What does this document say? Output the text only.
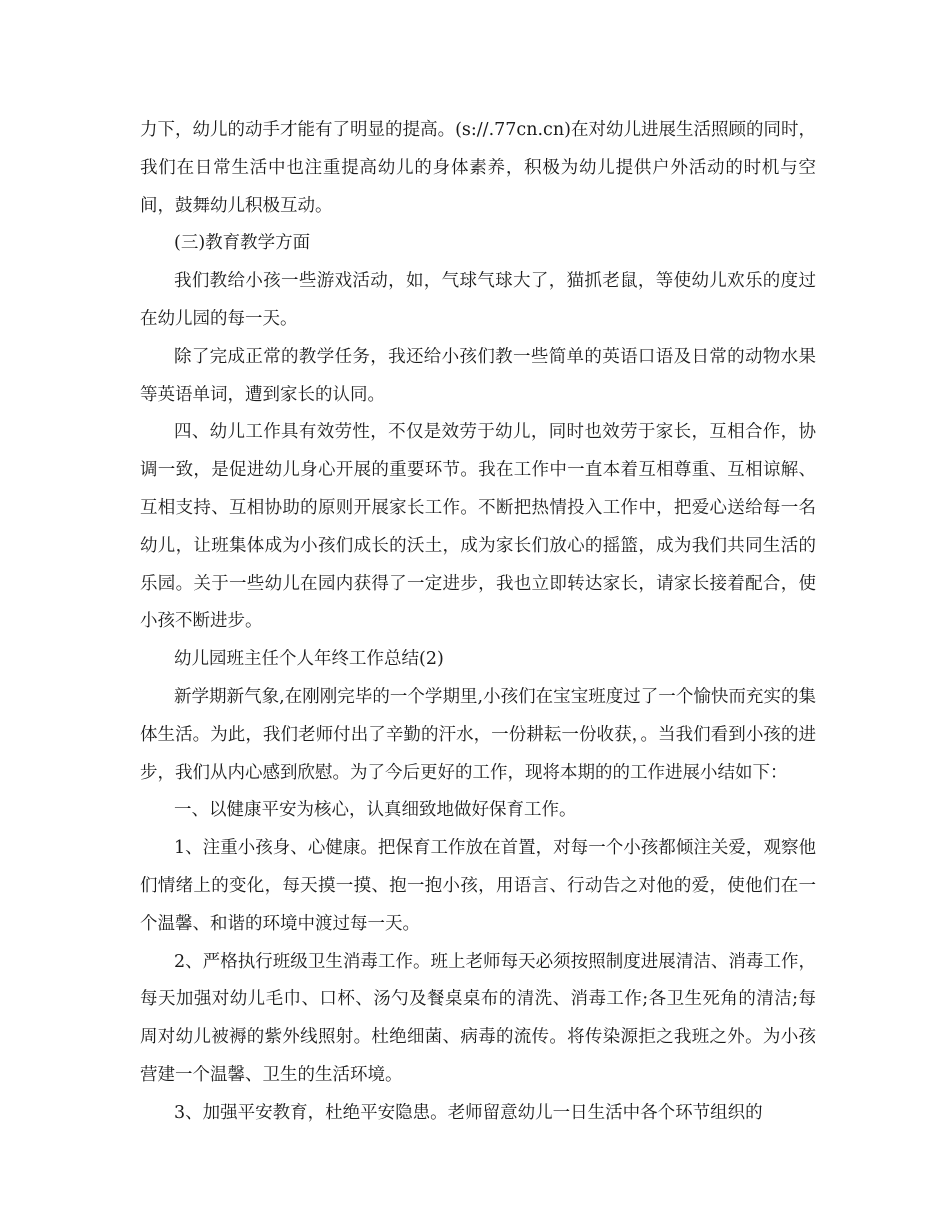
力下，幼儿的动手才能有了明显的提高。(s://.77cn.cn)在对幼儿进展生活照顾的同时，我们在日常生活中也注重提高幼儿的身体素养，积极为幼儿提供户外活动的时机与空间，鼓舞幼儿积极互动。

(三)教育教学方面

我们教给小孩一些游戏活动，如，气球气球大了，猫抓老鼠，等使幼儿欢乐的度过在幼儿园的每一天。

除了完成正常的教学任务，我还给小孩们教一些简单的英语口语及日常的动物水果等英语单词，遭到家长的认同。

四、幼儿工作具有效劳性，不仅是效劳于幼儿，同时也效劳于家长，互相合作，协调一致，是促进幼儿身心开展的重要环节。我在工作中一直本着互相尊重、互相谅解、互相支持、互相协助的原则开展家长工作。不断把热情投入工作中，把爱心送给每一名幼儿，让班集体成为小孩们成长的沃土，成为家长们放心的摇篮，成为我们共同生活的乐园。关于一些幼儿在园内获得了一定进步，我也立即转达家长，请家长接着配合，使小孩不断进步。

幼儿园班主任个人年终工作总结(2)

新学期新气象,在刚刚完毕的一个学期里,小孩们在宝宝班度过了一个愉快而充实的集体生活。为此，我们老师付出了辛勤的汗水，一份耕耘一份收获，。当我们看到小孩的进步，我们从内心感到欣慰。为了今后更好的工作，现将本期的的工作进展小结如下：

一、以健康平安为核心，认真细致地做好保育工作。

1、注重小孩身、心健康。把保育工作放在首置，对每一个小孩都倾注关爱，观察他们情绪上的变化，每天摸一摸、抱一抱小孩，用语言、行动告之对他的爱，使他们在一个温馨、和谐的环境中渡过每一天。

2、严格执行班级卫生消毒工作。班上老师每天必须按照制度进展清洁、消毒工作，每天加强对幼儿毛巾、口杯、汤勺及餐桌桌布的清洗、消毒工作;各卫生死角的清洁;每周对幼儿被褥的紫外线照射。杜绝细菌、病毒的流传。将传染源拒之我班之外。为小孩营建一个温馨、卫生的生活环境。

3、加强平安教育，杜绝平安隐患。老师留意幼儿一日生活中各个环节组织的
